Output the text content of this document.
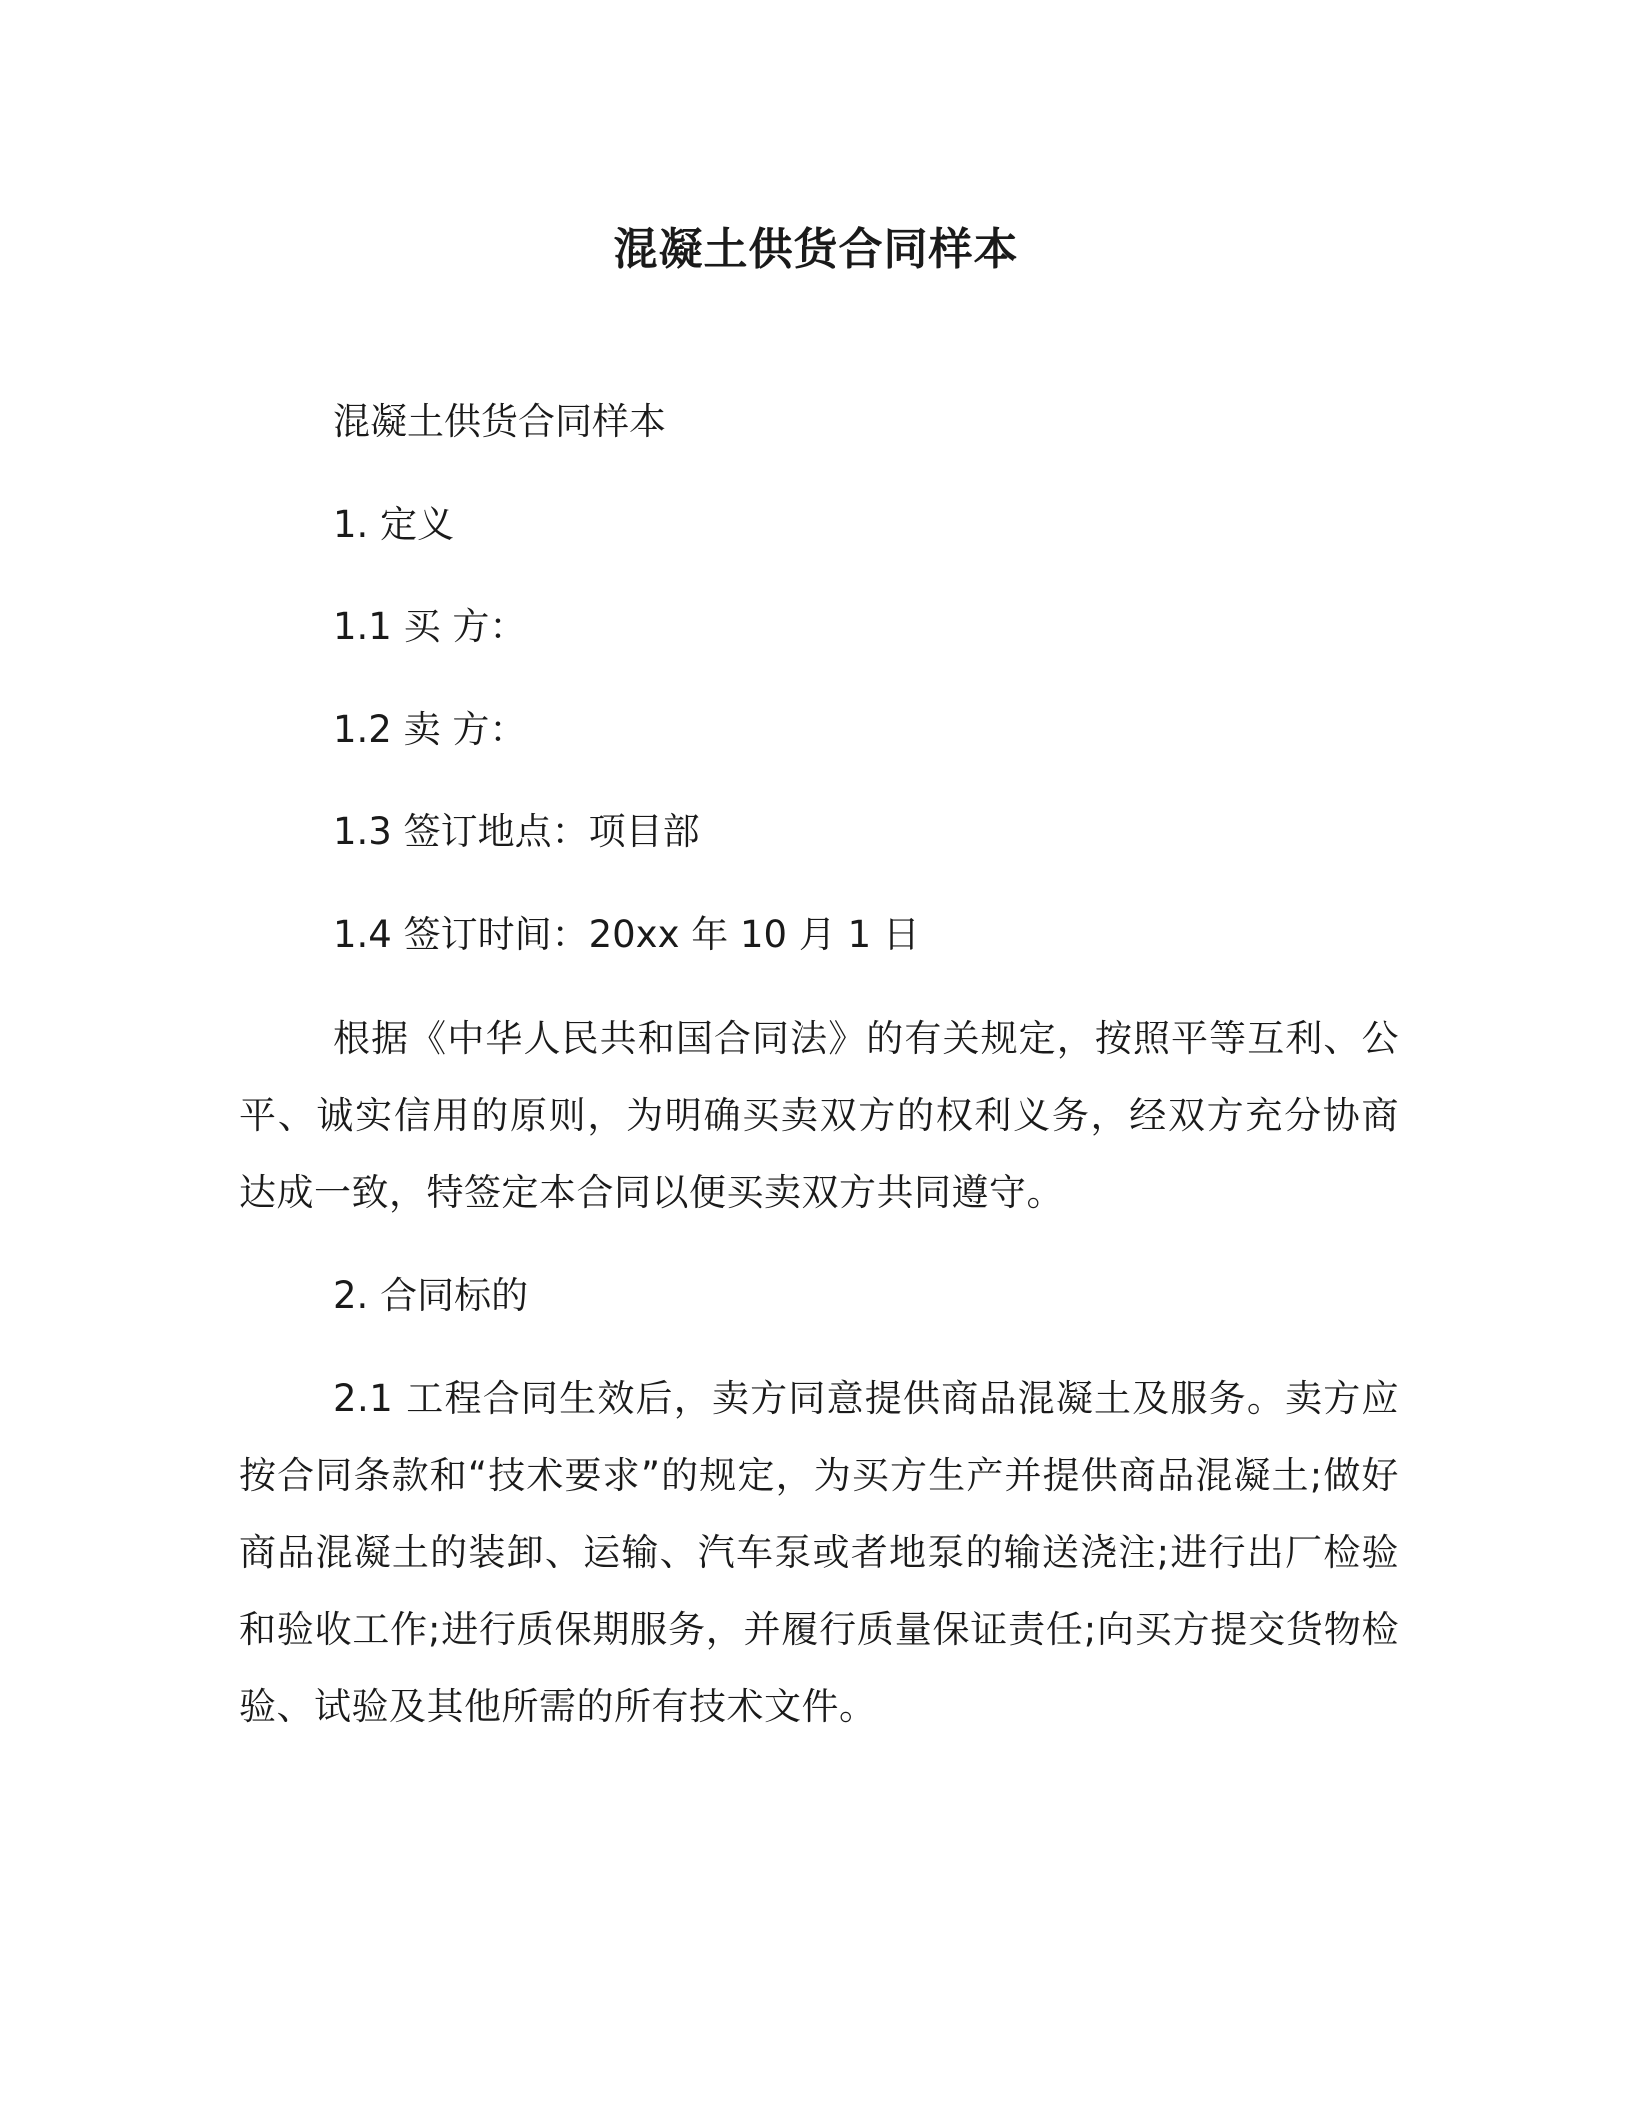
混凝土供货合同样本
混凝土供货合同样本
1. 定义
1.1 买 方：
1.2 卖 方：
1.3 签订地点：项目部
1.4 签订时间：20xx 年 10 月 1 日
根据《中华人民共和国合同法》的有关规定，按照平等互利、公平、诚实信用的原则，为明确买卖双方的权利义务，经双方充分协商达成一致，特签定本合同以便买卖双方共同遵守。
2. 合同标的
2.1 工程合同生效后，卖方同意提供商品混凝土及服务。卖方应按合同条款和“技术要求”的规定，为买方生产并提供商品混凝土;做好商品混凝土的装卸、运输、汽车泵或者地泵的输送浇注;进行出厂检验和验收工作;进行质保期服务，并履行质量保证责任;向买方提交货物检验、试验及其他所需的所有技术文件。
